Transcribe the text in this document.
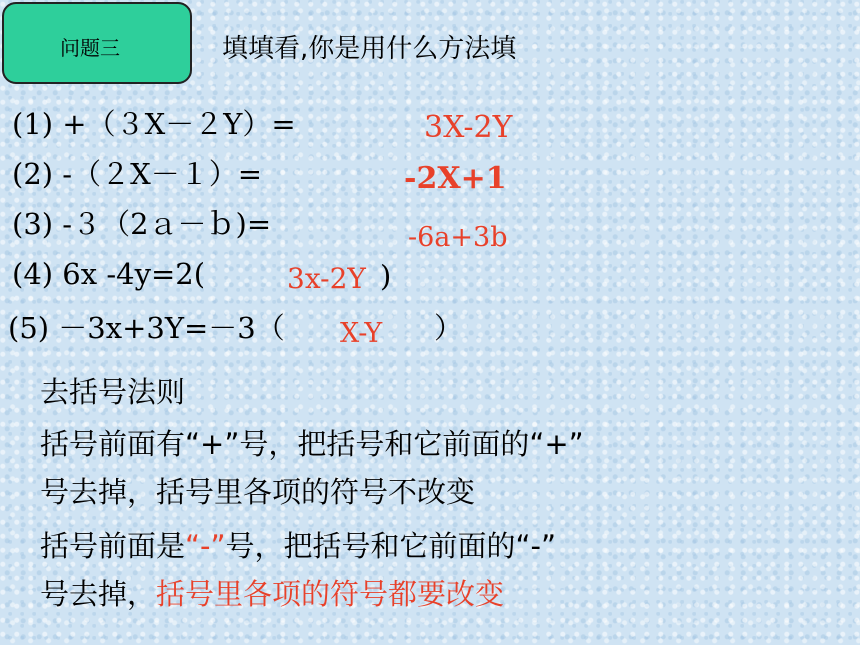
问题三	填填看,你是用什么方法填
(1) +（３X－２Y）=	3X-2Y
(2) -（２X－１）=	-2X+1
(3) -３（2ａ－ｂ)=	-6a+3b
(4) 6x -4y=2(	3x-2Y )
(5) －3x+3Y=－3（ X-Y ）
去括号法则
括号前面有“+”号，把括号和它前面的“+”
号去掉，括号里各项的符号不改变
括号前面是“-”号，把括号和它前面的“-”
号去掉，括号里各项的符号都要改变
